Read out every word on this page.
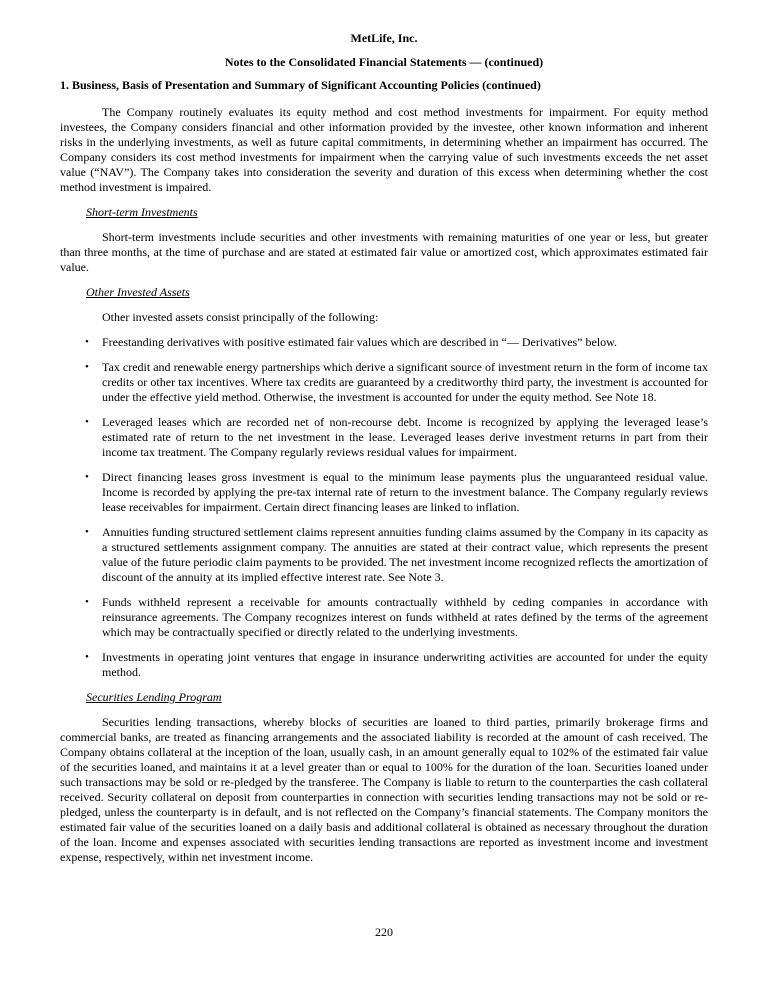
MetLife, Inc.
Notes to the Consolidated Financial Statements — (continued)
1. Business, Basis of Presentation and Summary of Significant Accounting Policies (continued)

The Company routinely evaluates its equity method and cost method investments for impairment. For equity method investees, the Company considers financial and other information provided by the investee, other known information and inherent risks in the underlying investments, as well as future capital commitments, in determining whether an impairment has occurred. The Company considers its cost method investments for impairment when the carrying value of such investments exceeds the net asset value (“NAV”). The Company takes into consideration the severity and duration of this excess when determining whether the cost method investment is impaired.

Short-term Investments

Short-term investments include securities and other investments with remaining maturities of one year or less, but greater than three months, at the time of purchase and are stated at estimated fair value or amortized cost, which approximates estimated fair value.

Other Invested Assets

Other invested assets consist principally of the following:

• Freestanding derivatives with positive estimated fair values which are described in “— Derivatives” below.
• Tax credit and renewable energy partnerships which derive a significant source of investment return in the form of income tax credits or other tax incentives. Where tax credits are guaranteed by a creditworthy third party, the investment is accounted for under the effective yield method. Otherwise, the investment is accounted for under the equity method. See Note 18.
• Leveraged leases which are recorded net of non-recourse debt. Income is recognized by applying the leveraged lease’s estimated rate of return to the net investment in the lease. Leveraged leases derive investment returns in part from their income tax treatment. The Company regularly reviews residual values for impairment.
• Direct financing leases gross investment is equal to the minimum lease payments plus the unguaranteed residual value. Income is recorded by applying the pre-tax internal rate of return to the investment balance. The Company regularly reviews lease receivables for impairment. Certain direct financing leases are linked to inflation.
• Annuities funding structured settlement claims represent annuities funding claims assumed by the Company in its capacity as a structured settlements assignment company. The annuities are stated at their contract value, which represents the present value of the future periodic claim payments to be provided. The net investment income recognized reflects the amortization of discount of the annuity at its implied effective interest rate. See Note 3.
• Funds withheld represent a receivable for amounts contractually withheld by ceding companies in accordance with reinsurance agreements. The Company recognizes interest on funds withheld at rates defined by the terms of the agreement which may be contractually specified or directly related to the underlying investments.
• Investments in operating joint ventures that engage in insurance underwriting activities are accounted for under the equity method.
Securities Lending Program

Securities lending transactions, whereby blocks of securities are loaned to third parties, primarily brokerage firms and commercial banks, are treated as financing arrangements and the associated liability is recorded at the amount of cash received. The Company obtains collateral at the inception of the loan, usually cash, in an amount generally equal to 102% of the estimated fair value of the securities loaned, and maintains it at a level greater than or equal to 100% for the duration of the loan. Securities loaned under such transactions may be sold or re-pledged by the transferee. The Company is liable to return to the counterparties the cash collateral received. Security collateral on deposit from counterparties in connection with securities lending transactions may not be sold or re-pledged, unless the counterparty is in default, and is not reflected on the Company’s financial statements. The Company monitors the estimated fair value of the securities loaned on a daily basis and additional collateral is obtained as necessary throughout the duration of the loan. Income and expenses associated with securities lending transactions are reported as investment income and investment expense, respectively, within net investment income.

220
